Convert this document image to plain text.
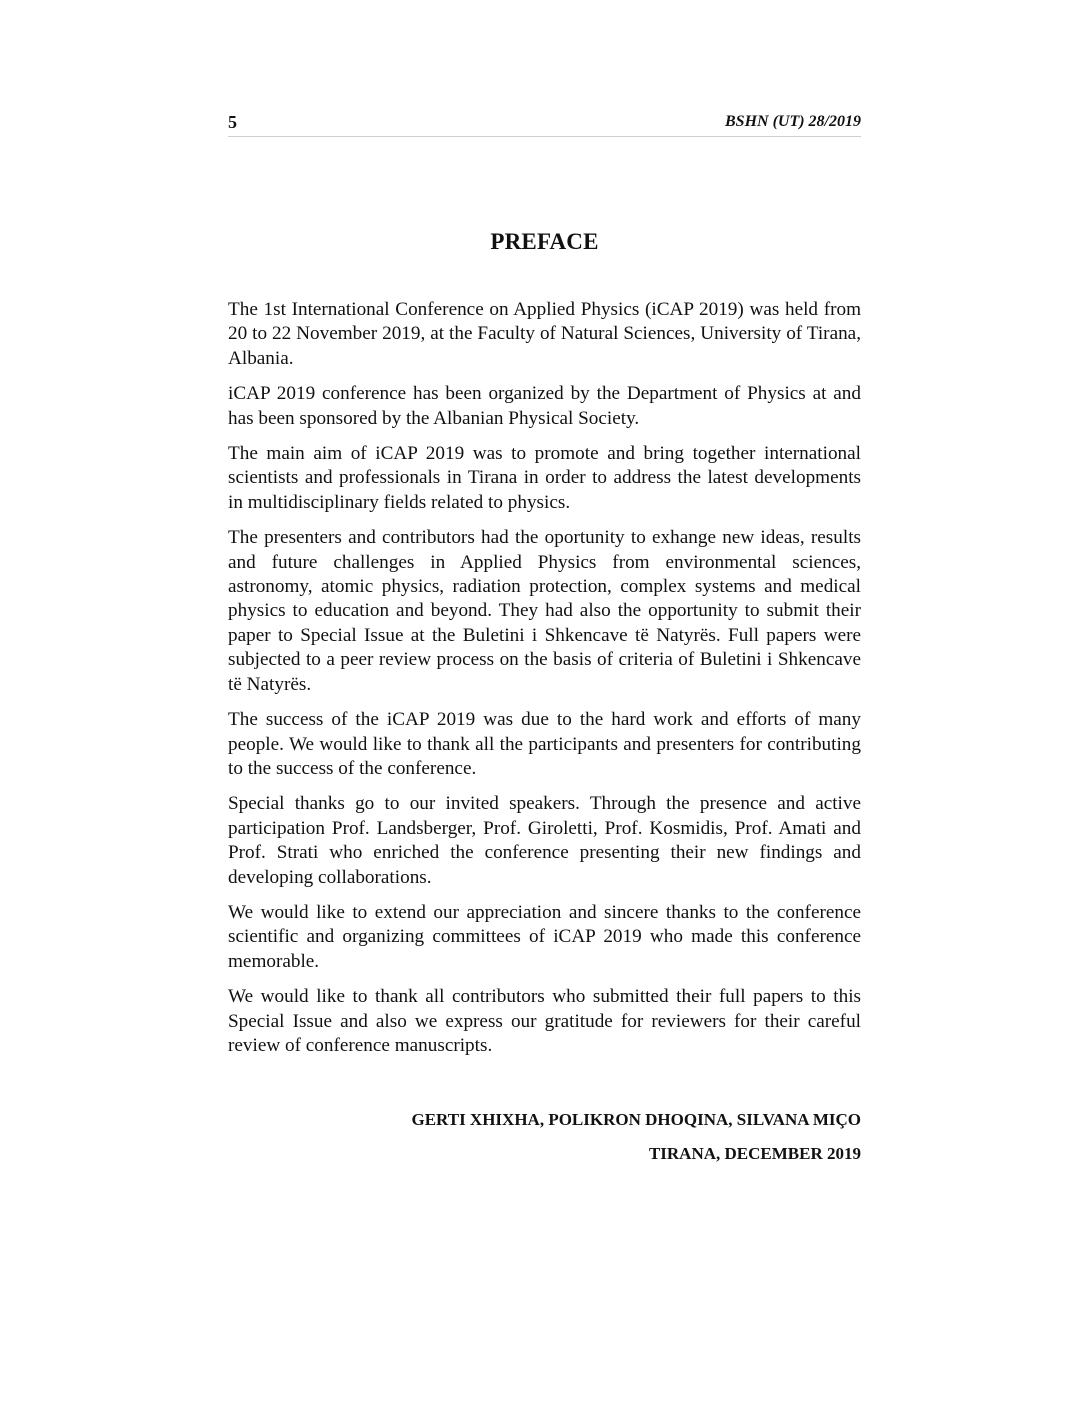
5	BSHN (UT) 28/2019
PREFACE

The 1st International Conference on Applied Physics (iCAP 2019) was held from 20 to 22 November 2019, at the Faculty of Natural Sciences, University of Tirana, Albania.

iCAP 2019 conference has been organized by the Department of Physics at and has been sponsored by the Albanian Physical Society.

The main aim of iCAP 2019 was to promote and bring together international scientists and professionals in Tirana in order to address the latest developments in multidisciplinary fields related to physics.

The presenters and contributors had the oportunity to exhange new ideas, results and future challenges in Applied Physics from environmental sciences, astronomy, atomic physics, radiation protection, complex systems and medical physics to education and beyond. They had also the opportunity to submit their paper to Special Issue at the Buletini i Shkencave të Natyrës. Full papers were subjected to a peer review process on the basis of criteria of Buletini i Shkencave të Natyrës.

The success of the iCAP 2019 was due to the hard work and efforts of many people. We would like to thank all the participants and presenters for contributing to the success of the conference.

Special thanks go to our invited speakers. Through the presence and active participation Prof. Landsberger, Prof. Giroletti, Prof. Kosmidis, Prof. Amati and Prof. Strati who enriched the conference presenting their new findings and developing collaborations.

We would like to extend our appreciation and sincere thanks to the conference scientific and organizing committees of iCAP 2019 who made this conference memorable.

We would like to thank all contributors who submitted their full papers to this Special Issue and also we express our gratitude for reviewers for their careful review of conference manuscripts.

GERTI XHIXHA, POLIKRON DHOQINA, SILVANA MIÇO
TIRANA, DECEMBER 2019
